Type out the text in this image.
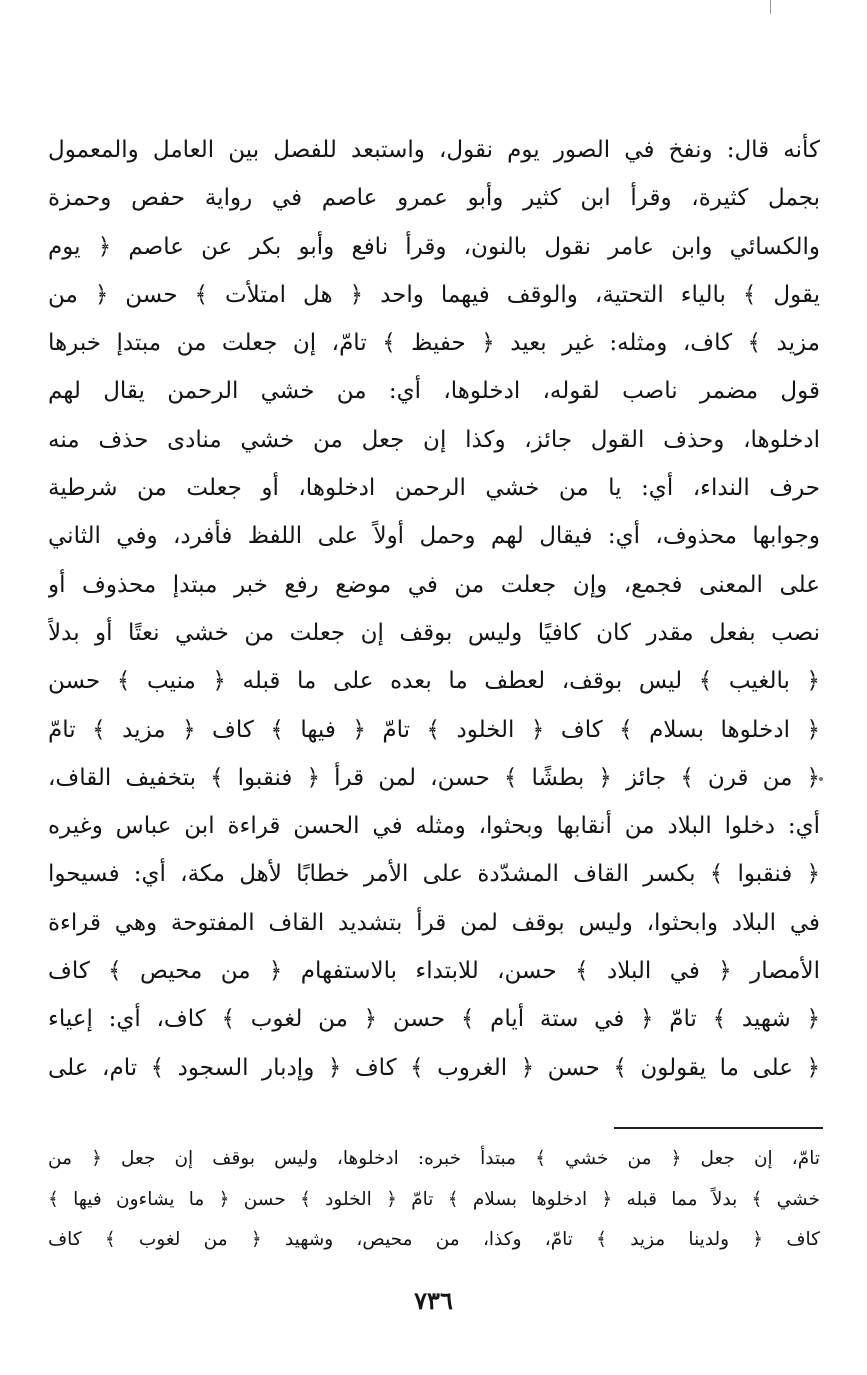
كأنه قال: ونفخ في الصور يوم نقول، واستبعد للفصل بين العامل والمعمول
بجمل كثيرة، وقرأ ابن كثير وأبو عمرو عاصم في رواية حفص وحمزة
والكسائي وابن عامر نقول بالنون، وقرأ نافع وأبو بكر عن عاصم ﴿ يوم
يقول ﴾ بالياء التحتية، والوقف فيهما واحد ﴿ هل امتلأت ﴾ حسن ﴿ من
مزيد ﴾ كاف، ومثله: غير بعيد ﴿ حفيظ ﴾ تامّ، إن جعلت من مبتدإ خبرها
قول مضمر ناصب لقوله، ادخلوها، أي: من خشي الرحمن يقال لهم
ادخلوها، وحذف القول جائز، وكذا إن جعل من خشي منادى حذف منه
حرف النداء، أي: يا من خشي الرحمن ادخلوها، أو جعلت من شرطية
وجوابها محذوف، أي: فيقال لهم وحمل أولاً على اللفظ فأفرد، وفي الثاني
على المعنى فجمع، وإن جعلت من في موضع رفع خبر مبتدإ محذوف أو
نصب بفعل مقدر كان كافيًا وليس بوقف إن جعلت من خشي نعتًا أو بدلاً
﴿ بالغيب ﴾ ليس بوقف، لعطف ما بعده على ما قبله ﴿ منيب ﴾ حسن
﴿ ادخلوها بسلام ﴾ كاف ﴿ الخلود ﴾ تامّ ﴿ فيها ﴾ كاف ﴿ مزيد ﴾ تامّ
﴿ من قرن ﴾ جائز ﴿ بطشًا ﴾ حسن، لمن قرأ ﴿ فنقبوا ﴾ بتخفيف القاف،
أي: دخلوا البلاد من أنقابها وبحثوا، ومثله في الحسن قراءة ابن عباس وغيره
﴿ فنقبوا ﴾ بكسر القاف المشدّدة على الأمر خطابًا لأهل مكة، أي: فسيحوا
في البلاد وابحثوا، وليس بوقف لمن قرأ بتشديد القاف المفتوحة وهي قراءة
الأمصار ﴿ في البلاد ﴾ حسن، للابتداء بالاستفهام ﴿ من محيص ﴾ كاف
﴿ شهيد ﴾ تامّ ﴿ في ستة أيام ﴾ حسن ﴿ من لغوب ﴾ كاف، أي: إعياء
﴿ على ما يقولون ﴾ حسن ﴿ الغروب ﴾ كاف ﴿ وإدبار السجود ﴾ تام، على
تامّ، إن جعل ﴿ من خشي ﴾ مبتدأ خبره: ادخلوها، وليس بوقف إن جعل ﴿ من
خشي ﴾ بدلاً مما قبله ﴿ ادخلوها بسلام ﴾ تامّ ﴿ الخلود ﴾ حسن ﴿ ما يشاءون فيها ﴾
كاف ﴿ ولدينا مزيد ﴾ تامّ، وكذا، من محيص، وشهيد ﴿ من لغوب ﴾ كاف
٧٣٦
